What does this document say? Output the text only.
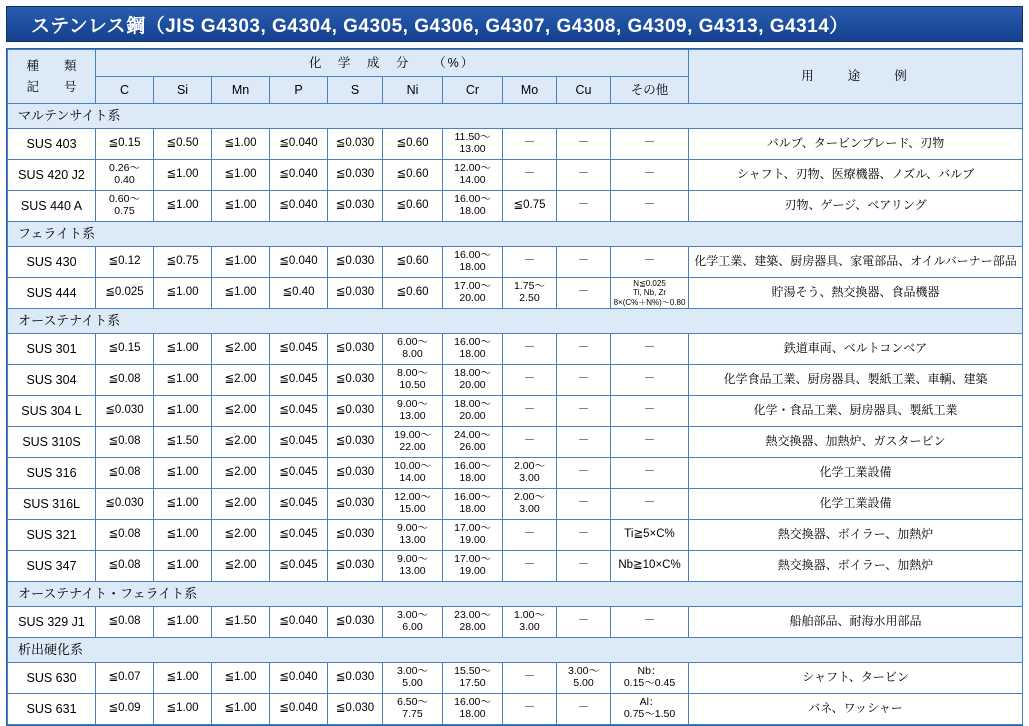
ステンレス鋼（JIS G4303, G4304, G4305, G4306, G4307, G4308, G4309, G4313, G4314）
種　　類
記　　号	化　学　成　分　　（%）										用　　途　　例
	C	Si	Mn	P	S	Ni	Cr	Mo	Cu	その他	
マルテンサイト系											
SUS 403	≦0.15	≦0.50	≦1.00	≦0.040	≦0.030	≦0.60	11.50～
13.00	－	－	－	バルブ、タービンブレード、刃物
SUS 420 J2	0.26～
0.40	≦1.00	≦1.00	≦0.040	≦0.030	≦0.60	12.00～
14.00	－	－	－	シャフト、刃物、医療機器、ノズル、バルブ
SUS 440 A	0.60～
0.75	≦1.00	≦1.00	≦0.040	≦0.030	≦0.60	16.00～
18.00	≦0.75	－	－	刃物、ゲージ、ベアリング
フェライト系											
SUS 430	≦0.12	≦0.75	≦1.00	≦0.040	≦0.030	≦0.60	16.00～
18.00	－	－	－	化学工業、建築、厨房器具、家電部品、オイルバーナー部品
SUS 444	≦0.025	≦1.00	≦1.00	≦0.40	≦0.030	≦0.60	17.00～
20.00	1.75～
2.50	－	N≦0.025
Ti, Nb, Zr
8×(C%＋N%)～0.80	貯湯そう、熱交換器、食品機器
オーステナイト系											
SUS 301	≦0.15	≦1.00	≦2.00	≦0.045	≦0.030	6.00～
8.00	16.00～
18.00	－	－	－	鉄道車両、ベルトコンベア
SUS 304	≦0.08	≦1.00	≦2.00	≦0.045	≦0.030	8.00～
10.50	18.00～
20.00	－	－	－	化学食品工業、厨房器具、製紙工業、車輌、建築
SUS 304 L	≦0.030	≦1.00	≦2.00	≦0.045	≦0.030	9.00～
13.00	18.00～
20.00	－	－	－	化学・食品工業、厨房器具、製紙工業
SUS 310S	≦0.08	≦1.50	≦2.00	≦0.045	≦0.030	19.00～
22.00	24.00～
26.00	－	－	－	熱交換器、加熱炉、ガスタービン
SUS 316	≦0.08	≦1.00	≦2.00	≦0.045	≦0.030	10.00～
14.00	16.00～
18.00	2.00～
3.00	－	－	化学工業設備
SUS 316L	≦0.030	≦1.00	≦2.00	≦0.045	≦0.030	12.00～
15.00	16.00～
18.00	2.00～
3.00	－	－	化学工業設備
SUS 321	≦0.08	≦1.00	≦2.00	≦0.045	≦0.030	9.00～
13.00	17.00～
19.00	－	－	Ti≧5×C%	熱交換器、ボイラー、加熱炉
SUS 347	≦0.08	≦1.00	≦2.00	≦0.045	≦0.030	9.00～
13.00	17.00～
19.00	－	－	Nb≧10×C%	熱交換器、ボイラー、加熱炉
オーステナイト・フェライト系											
SUS 329 J1	≦0.08	≦1.00	≦1.50	≦0.040	≦0.030	3.00～
6.00	23.00～
28.00	1.00～
3.00	－	－	船舶部品、耐海水用部品
析出硬化系											
SUS 630	≦0.07	≦1.00	≦1.00	≦0.040	≦0.030	3.00～
5.00	15.50～
17.50	－	3.00～
5.00	Nb：
0.15～0.45	シャフト、タービン
SUS 631	≦0.09	≦1.00	≦1.00	≦0.040	≦0.030	6.50～
7.75	16.00～
18.00	－	－	Al：
0.75～1.50	バネ、ワッシャー
